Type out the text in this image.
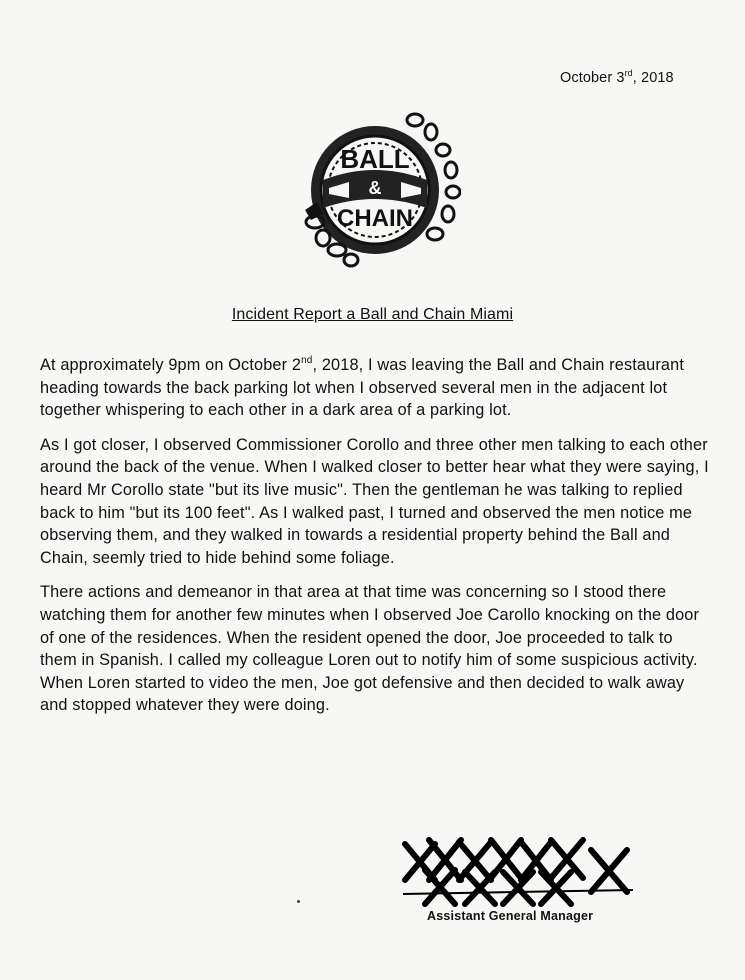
October 3rd, 2018
BALL
&
CHAIN
Incident Report a Ball and Chain Miami

At approximately 9pm on October 2nd, 2018, I was leaving the Ball and Chain restaurant heading towards the back parking lot when I observed several men in the adjacent lot together whispering to each other in a dark area of a parking lot.

As I got closer, I observed Commissioner Corollo and three other men talking to each other around the back of the venue. When I walked closer to better hear what they were saying, I heard Mr Corollo state "but its live music". Then the gentleman he was talking to replied back to him "but its 100 feet". As I walked past, I turned and observed the men notice me observing them, and they walked in towards a residential property behind the Ball and Chain, seemly tried to hide behind some foliage.

There actions and demeanor in that area at that time was concerning so I stood there watching them for another few minutes when I observed Joe Carollo knocking on the door of one of the residences. When the resident opened the door, Joe proceeded to talk to them in Spanish. I called my colleague Loren out to notify him of some suspicious activity. When Loren started to video the men, Joe got defensive and then decided to walk away and stopped whatever they were doing.

Assistant General Manager
